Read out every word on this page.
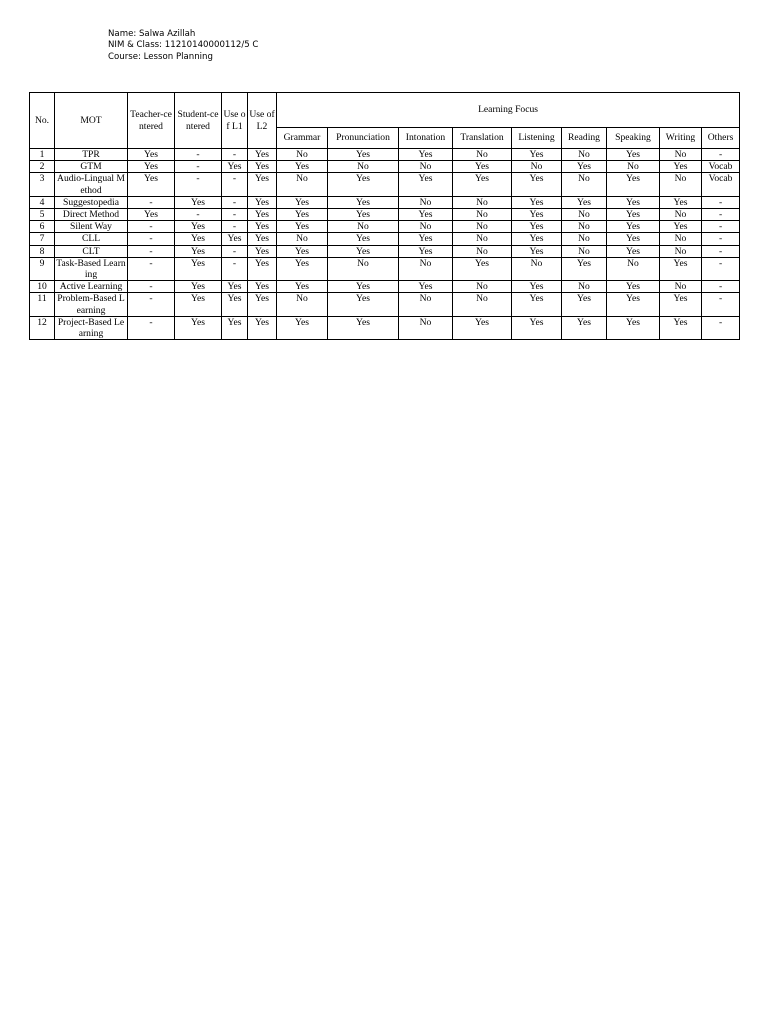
Name: Salwa Azillah
NIM & Class: 11210140000112/5 C
Course: Lesson Planning
No.	MOT	Teacher-centered	Student-centered	Use of L1	Use of L2	Learning Focus								
						Grammar	Pronunciation	Intonation	Translation	Listening	Reading	Speaking	Writing	Others
1	TPR	Yes	-	-	Yes	No	Yes	Yes	No	Yes	No	Yes	No	-
2	GTM	Yes	-	Yes	Yes	Yes	No	No	Yes	No	Yes	No	Yes	Vocab
3	Audio-Lingual Method	Yes	-	-	Yes	No	Yes	Yes	Yes	Yes	No	Yes	No	Vocab
4	Suggestopedia	-	Yes	-	Yes	Yes	Yes	No	No	Yes	Yes	Yes	Yes	-
5	Direct Method	Yes	-	-	Yes	Yes	Yes	Yes	No	Yes	No	Yes	No	-
6	Silent Way	-	Yes	-	Yes	Yes	No	No	No	Yes	No	Yes	Yes	-
7	CLL	-	Yes	Yes	Yes	No	Yes	Yes	No	Yes	No	Yes	No	-
8	CLT	-	Yes	-	Yes	Yes	Yes	Yes	No	Yes	No	Yes	No	-
9	Task-Based Learning	-	Yes	-	Yes	Yes	No	No	Yes	No	Yes	No	Yes	-
10	Active Learning	-	Yes	Yes	Yes	Yes	Yes	Yes	No	Yes	No	Yes	No	-
11	Problem-Based Learning	-	Yes	Yes	Yes	No	Yes	No	No	Yes	Yes	Yes	Yes	-
12	Project-Based Learning	-	Yes	Yes	Yes	Yes	Yes	No	Yes	Yes	Yes	Yes	Yes	-
